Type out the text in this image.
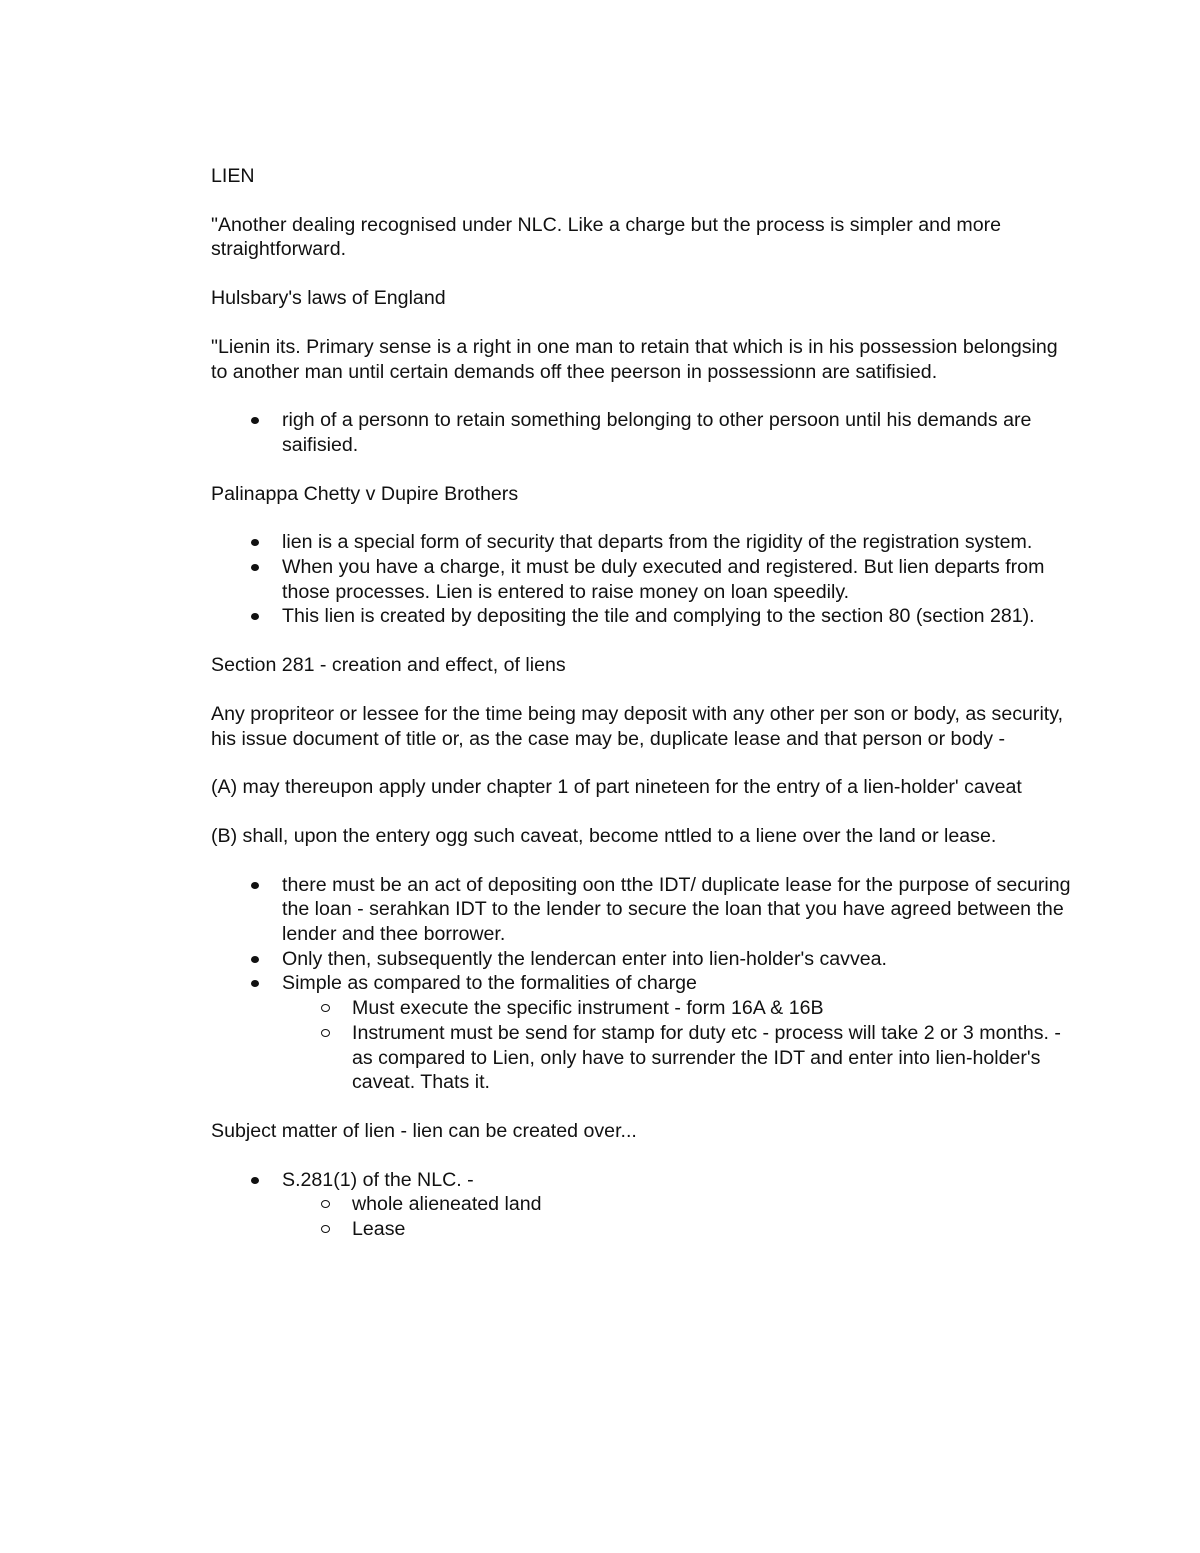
LIEN

"Another dealing recognised under NLC. Like a charge but the process is simpler and more straightforward.

Hulsbary's laws of England

"Lienin its. Primary sense is a right in one man to retain that which is in his possession belongsing to another man until certain demands off thee peerson in possessionn are satifisied.

righ of a personn to retain something belonging to other persoon until his demands are saifisied.

Palinappa Chetty v Dupire Brothers

lien is a special form of security that departs from the rigidity of the registration system.
When you have a charge, it must be duly executed and registered. But lien departs from those processes. Lien is entered to raise money on loan speedily.
This lien is created by depositing the tile and complying to the section 80 (section 281).

Section 281 - creation and effect, of liens

Any propriteor or lessee for the time being may deposit with any other per son or body, as security, his issue document of title or, as the case may be, duplicate lease and that person or body -

(A) may thereupon apply under chapter 1 of part nineteen for the entry of a lien-holder' caveat

(B) shall, upon the entery ogg such caveat, become nttled to a liene over the land or lease.

there must be an act of depositing oon tthe IDT/ duplicate lease for the purpose of securing the loan - serahkan IDT to the lender to secure the loan that you have agreed between the lender and thee borrower.
Only then, subsequently the lendercan enter into lien-holder's cavvea.
Simple as compared to the formalities of charge
Must execute the specific instrument - form 16A & 16B
Instrument must be send for stamp for duty etc - process will take 2 or 3 months. - as compared to Lien, only have to surrender the IDT and enter into lien-holder's caveat. Thats it.

Subject matter of lien - lien can be created over...

S.281(1) of the NLC. -
whole alieneated land
Lease
